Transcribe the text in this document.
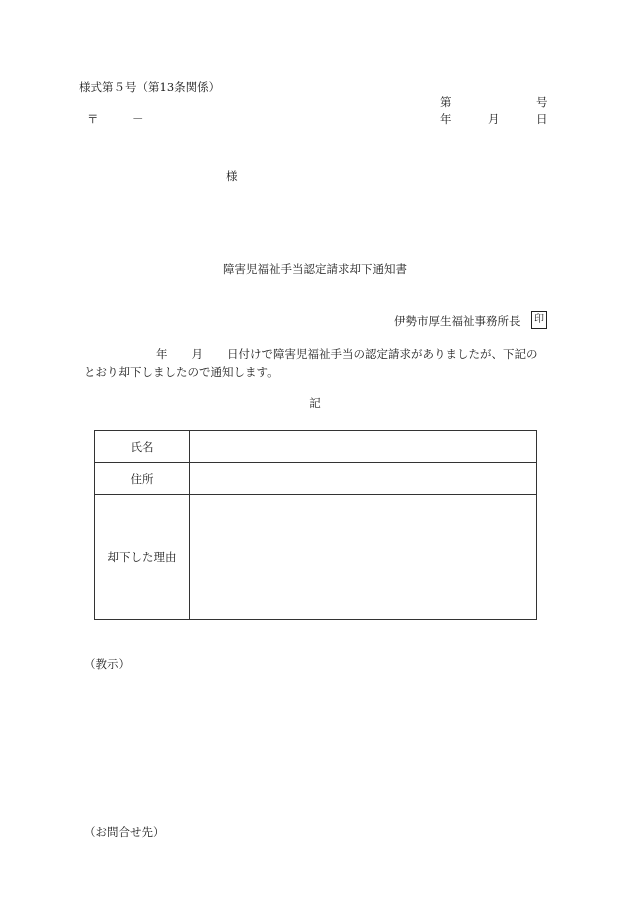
様式第５号（第13条関係）
第	号
〒	－	年	月	日
様
障害児福祉手当認定請求却下通知書
伊勢市厚生福祉事務所長	印
年 月 日付けで障害児福祉手当の認定請求がありましたが、下記の
とおり却下しましたので通知します。
記
氏名	
住所	
却下した理由	
（教示）
（お問合せ先）
